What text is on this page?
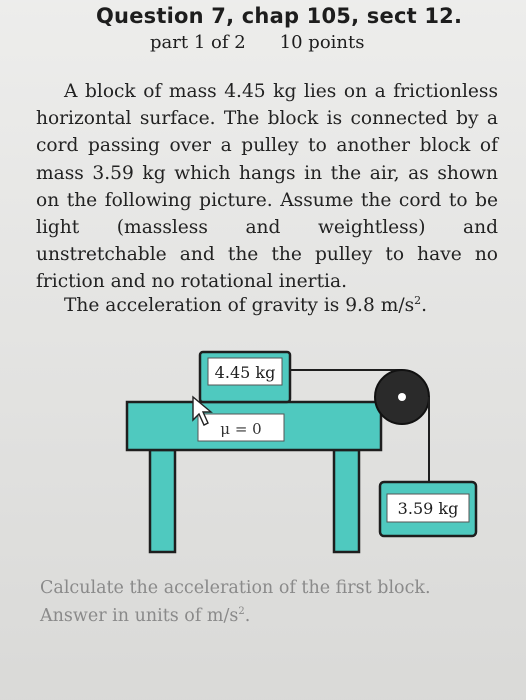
Question 7, chap 105, sect 12.
part 1 of 2 10 points

A block of mass 4.45 kg lies on a frictionless horizontal surface. The block is connected by a cord passing over a pulley to another block of mass 3.59 kg which hangs in the air, as shown on the following picture. Assume the cord to be light (massless and weightless) and unstretchable and the the pulley to have no friction and no rotational inertia.

The acceleration of gravity is 9.8 $m/s^2$.
4.45 kg
μ = 0
3.59 kg
Calculate the acceleration of the first block.
Answer in units of $m/s^2$.
